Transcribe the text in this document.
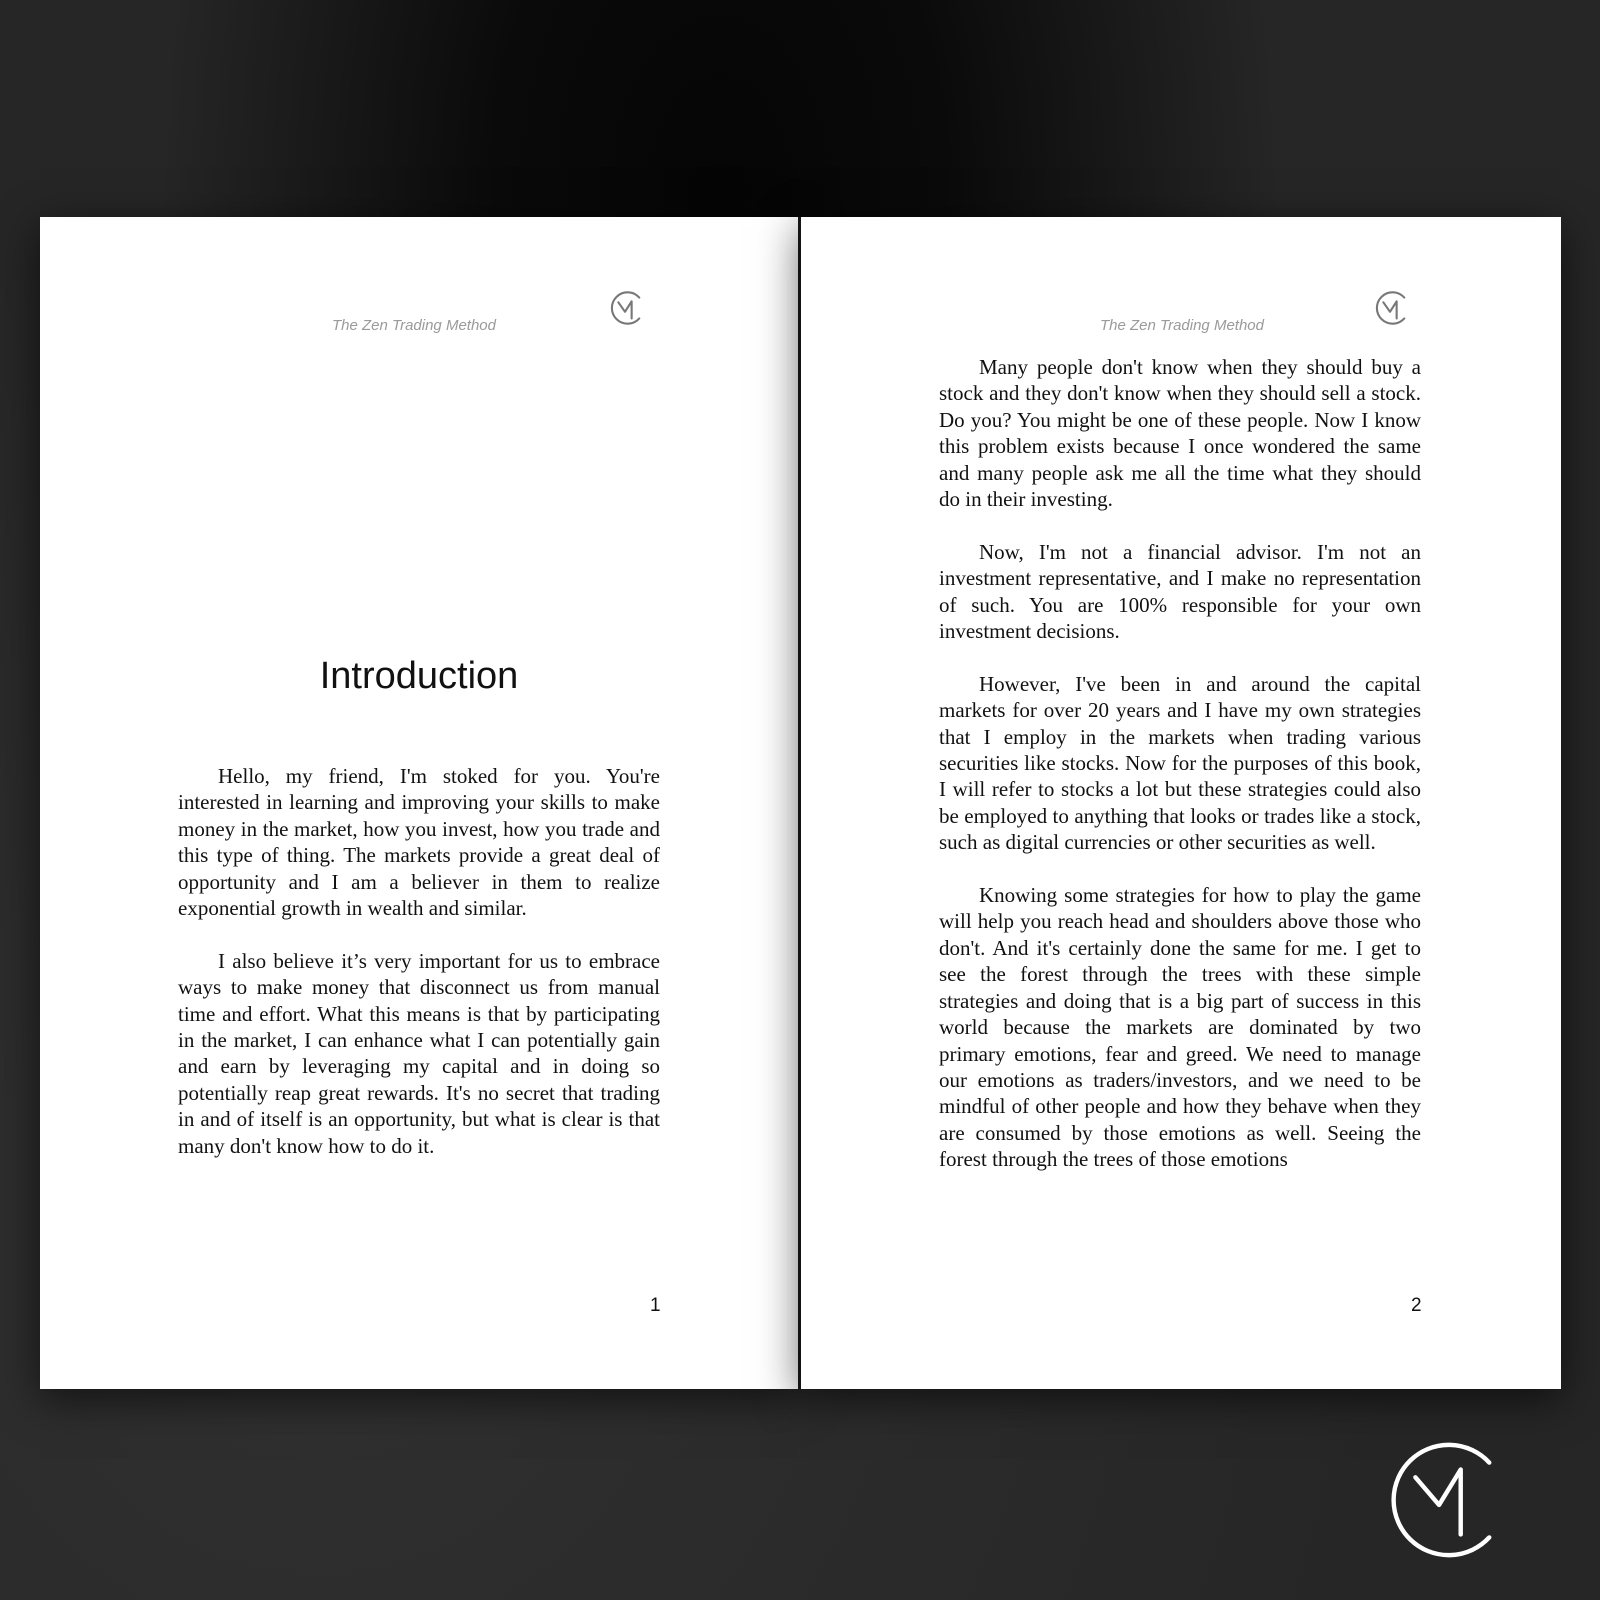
The Zen Trading Method
Introduction

Hello, my friend, I'm stoked for you. You're interested in learning and improving your skills to make money in the market, how you invest, how you trade and this type of thing. The markets provide a great deal of opportunity and I am a believer in them to realize exponential growth in wealth and similar.

I also believe it’s very important for us to embrace ways to make money that disconnect us from manual time and effort. What this means is that by participating in the market, I can enhance what I can potentially gain and earn by leveraging my capital and in doing so potentially reap great rewards. It's no secret that trading in and of itself is an opportunity, but what is clear is that many don't know how to do it.

1
The Zen Trading Method

Many people don't know when they should buy a stock and they don't know when they should sell a stock. Do you? You might be one of these people. Now I know this problem exists because I once wondered the same and many people ask me all the time what they should do in their investing.

Now, I'm not a financial advisor. I'm not an investment representative, and I make no representation of such. You are 100% responsible for your own investment decisions.

However, I've been in and around the capital markets for over 20 years and I have my own strategies that I employ in the markets when trading various securities like stocks. Now for the purposes of this book, I will refer to stocks a lot but these strategies could also be employed to anything that looks or trades like a stock, such as digital currencies or other securities as well.

Knowing some strategies for how to play the game will help you reach head and shoulders above those who don't. And it's certainly done the same for me. I get to see the forest through the trees with these simple strategies and doing that is a big part of success in this world because the markets are dominated by two primary emotions, fear and greed. We need to manage our emotions as traders/investors, and we need to be mindful of other people and how they behave when they are consumed by those emotions as well. Seeing the forest through the trees of those emotions

2
